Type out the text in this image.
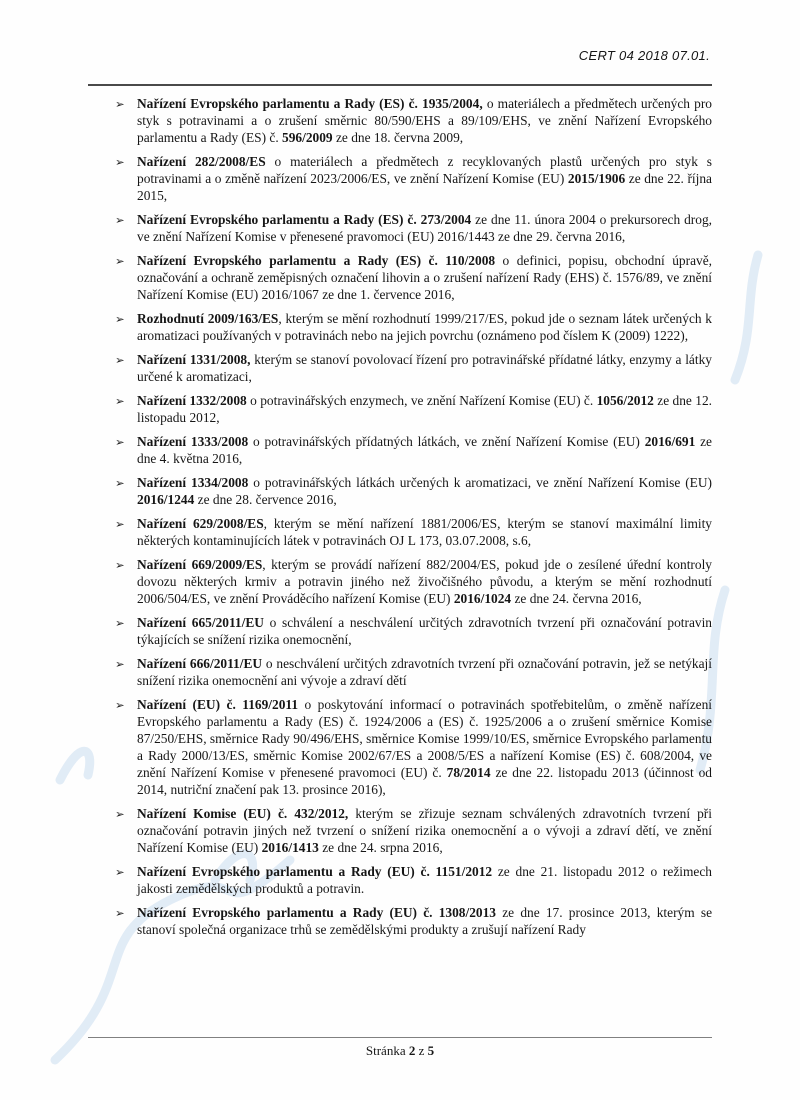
CERT 04 2018 07.01.
➢ Nařízení Evropského parlamentu a Rady (ES) č. 1935/2004, o materiálech a předmětech určených pro styk s potravinami a o zrušení směrnic 80/590/EHS a 89/109/EHS, ve znění Nařízení Evropského parlamentu a Rady (ES) č. 596/2009 ze dne 18. června 2009,
➢ Nařízení 282/2008/ES o materiálech a předmětech z recyklovaných plastů určených pro styk s potravinami a o změně nařízení 2023/2006/ES, ve znění Nařízení Komise (EU) 2015/1906 ze dne 22. října 2015,
➢ Nařízení Evropského parlamentu a Rady (ES) č. 273/2004 ze dne 11. února 2004 o prekursorech drog, ve znění Nařízení Komise v přenesené pravomoci (EU) 2016/1443 ze dne 29. června 2016,
➢ Nařízení Evropského parlamentu a Rady (ES) č. 110/2008 o definici, popisu, obchodní úpravě, označování a ochraně zeměpisných označení lihovin a o zrušení nařízení Rady (EHS) č. 1576/89, ve znění Nařízení Komise (EU) 2016/1067 ze dne 1. července 2016,
➢ Rozhodnutí 2009/163/ES, kterým se mění rozhodnutí 1999/217/ES, pokud jde o seznam látek určených k aromatizaci používaných v potravinách nebo na jejich povrchu (oznámeno pod číslem K (2009) 1222),
➢ Nařízení 1331/2008, kterým se stanoví povolovací řízení pro potravinářské přídatné látky, enzymy a látky určené k aromatizaci,
➢ Nařízení 1332/2008 o potravinářských enzymech, ve znění Nařízení Komise (EU) č. 1056/2012 ze dne 12. listopadu 2012,
➢ Nařízení 1333/2008 o potravinářských přídatných látkách, ve znění Nařízení Komise (EU) 2016/691 ze dne 4. května 2016,
➢ Nařízení 1334/2008 o potravinářských látkách určených k aromatizaci, ve znění Nařízení Komise (EU) 2016/1244 ze dne 28. července 2016,
➢ Nařízení 629/2008/ES, kterým se mění nařízení 1881/2006/ES, kterým se stanoví maximální limity některých kontaminujících látek v potravinách OJ L 173, 03.07.2008, s.6,
➢ Nařízení 669/2009/ES, kterým se provádí nařízení 882/2004/ES, pokud jde o zesílené úřední kontroly dovozu některých krmiv a potravin jiného než živočišného původu, a kterým se mění rozhodnutí 2006/504/ES, ve znění Prováděcího nařízení Komise (EU) 2016/1024 ze dne 24. června 2016,
➢ Nařízení 665/2011/EU o schválení a neschválení určitých zdravotních tvrzení při označování potravin týkajících se snížení rizika onemocnění,
➢ Nařízení 666/2011/EU o neschválení určitých zdravotních tvrzení při označování potravin, jež se netýkají snížení rizika onemocnění ani vývoje a zdraví dětí
➢ Nařízení (EU) č. 1169/2011 o poskytování informací o potravinách spotřebitelům, o změně nařízení Evropského parlamentu a Rady (ES) č. 1924/2006 a (ES) č. 1925/2006 a o zrušení směrnice Komise 87/250/EHS, směrnice Rady 90/496/EHS, směrnice Komise 1999/10/ES, směrnice Evropského parlamentu a Rady 2000/13/ES, směrnic Komise 2002/67/ES a 2008/5/ES a nařízení Komise (ES) č. 608/2004, ve znění Nařízení Komise v přenesené pravomoci (EU) č. 78/2014 ze dne 22. listopadu 2013 (účinnost od 2014, nutriční značení pak 13. prosince 2016),
➢ Nařízení Komise (EU) č. 432/2012, kterým se zřizuje seznam schválených zdravotních tvrzení při označování potravin jiných než tvrzení o snížení rizika onemocnění a o vývoji a zdraví dětí, ve znění Nařízení Komise (EU) 2016/1413 ze dne 24. srpna 2016,
➢ Nařízení Evropského parlamentu a Rady (EU) č. 1151/2012 ze dne 21. listopadu 2012 o režimech jakosti zemědělských produktů a potravin.
➢ Nařízení Evropského parlamentu a Rady (EU) č. 1308/2013 ze dne 17. prosince 2013, kterým se stanoví společná organizace trhů se zemědělskými produkty a zrušují nařízení Rady
Stránka 2 z 5
